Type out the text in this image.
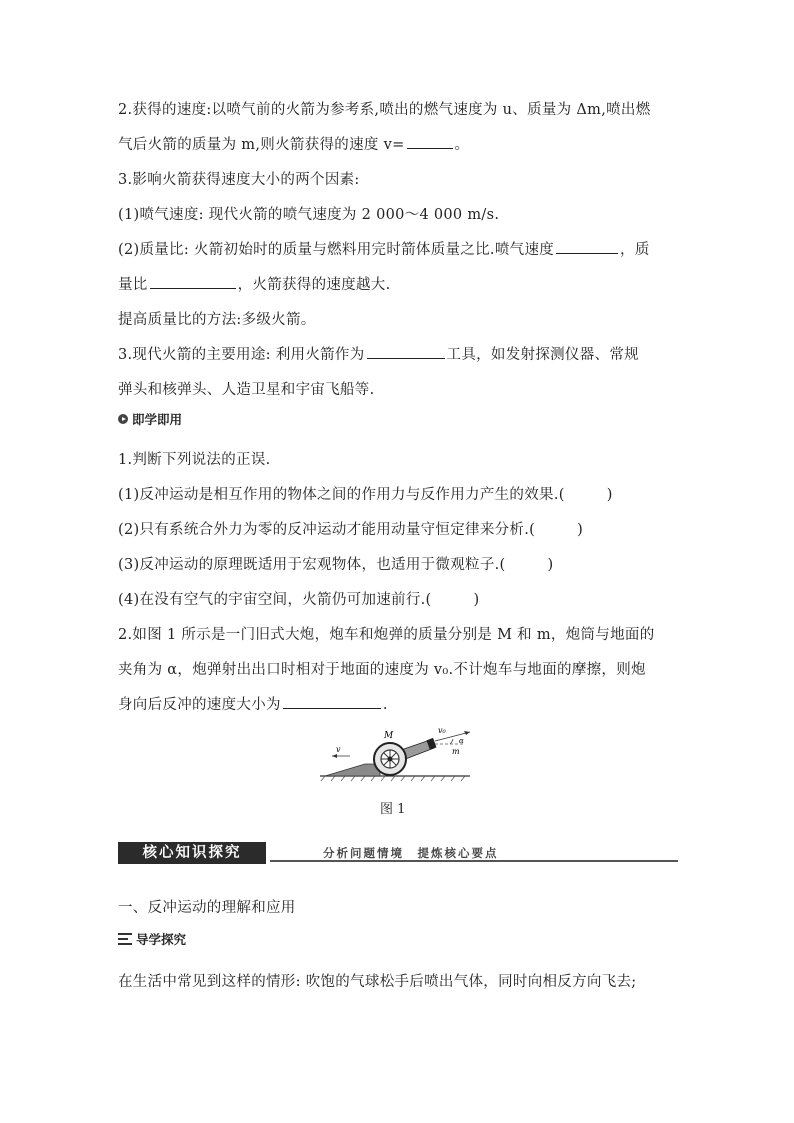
2.获得的速度:以喷气前的火箭为参考系,喷出的燃气速度为 u、质量为 Δm,喷出燃
气后火箭的质量为 m,则火箭获得的速度 v=	。
3.影响火箭获得速度大小的两个因素:
(1)喷气速度: 现代火箭的喷气速度为 2 000～4 000 m/s.
(2)质量比: 火箭初始时的质量与燃料用完时箭体质量之比.喷气速度	，质
量比	，火箭获得的速度越大.
提高质量比的方法:多级火箭。
3.现代火箭的主要用途: 利用火箭作为	工具，如发射探测仪器、常规
弹头和核弹头、人造卫星和宇宙飞船等.
即学即用
1.判断下列说法的正误.
(1)反冲运动是相互作用的物体之间的作用力与反作用力产生的效果.(	)
(2)只有系统合外力为零的反冲运动才能用动量守恒定律来分析.(	)
(3)反冲运动的原理既适用于宏观物体，也适用于微观粒子.(	)
(4)在没有空气的宇宙空间，火箭仍可加速前行.(	)
2.如图 1 所示是一门旧式大炮，炮车和炮弹的质量分别是 M 和 m，炮筒与地面的
夹角为 α，炮弹射出出口时相对于地面的速度为 v₀.不计炮车与地面的摩擦，则炮
身向后反冲的速度大小为	.
M
v₀
m
α
v
图 1
核心知识探究	分析问题情境　提炼核心要点
一、反冲运动的理解和应用
导学探究
在生活中常见到这样的情形: 吹饱的气球松手后喷出气体，同时向相反方向飞去;
